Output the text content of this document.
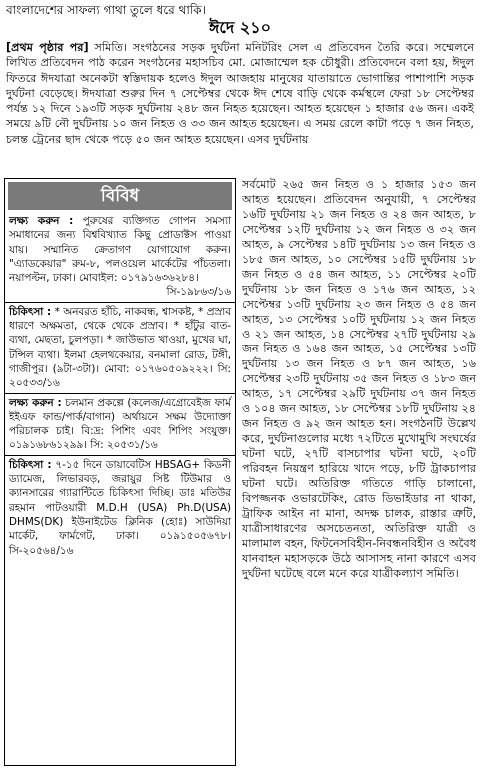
বাংলাদেশের সাফল্য গাথা তুলে ধরে থাকি।
ঈদে ২১০

[প্রথম পৃষ্ঠার পর] সমিতি। সংগঠনের সড়ক দুর্ঘটনা মনিটরিং সেল এ প্রতিবেদন তৈরি করে। সম্মেলনে লিখিত প্রতিবেদন পাঠ করেন সংগঠনের মহাসচিব মো. মোজাম্মেল হক চৌধুরী। প্রতিবেদনে বলা হয়, ঈদুল ফিতরে ঈদযাত্রা অনেকটা স্বস্তিদায়ক হলেও ঈদুল আজহায় মানুষের যাতায়াতে ভোগান্তির পাশাপাশি সড়ক দুর্ঘটনা বেড়েছে। ঈদযাত্রা শুরুর দিন ৭ সেপ্টেম্বর থেকে ঈদ শেষে বাড়ি থেকে কর্মস্থলে ফেরা ১৮ সেপ্টেম্বর পর্যন্ত ১২ দিনে ১৯৩টি সড়ক দুর্ঘটনায় ২৪৮ জন নিহত হয়েছেন। আহত হয়েছেন ১ হাজার ৫৬ জন। একই সময়ে ৯টি নৌ দুর্ঘটনায় ১০ জন নিহত ও ৩৩ জন আহত হয়েছেন। এ সময় রেলে কাটা পড়ে ৭ জন নিহত, চলন্ত ট্রেনের ছাদ থেকে পড়ে ৫০ জন আহত হয়েছেন। এসব দুর্ঘটনায়

বিবিধ
লক্ষ্য করুন : পুরুষের ব্যক্তিগত গোপন সমস্যা সমাধানের জন্য বিশ্ববিখ্যাত কিছু প্রোডাক্টস পাওয়া যায়। সম্মানিত ক্রেতাগণ যোগাযোগ করুন। "এ্যাডকেয়ার" রুম-৮, পলওয়েল মার্কেটের পাঁচতলা। নয়াপল্টন, ঢাকা। মোবাইল: ০১৭৯১৬৩৬২৮৪।
সি-১৯৮৬৩/১৬
চিকিৎসা : * অনবরত হাঁচি, নাকবন্ধ, শ্বাসকষ্ট, * প্রস্রাব ধারণে অক্ষমতা, থেকে থেকে প্রস্রাব। * হাঁটুর বাত-ব্যথা, মেছতা, চুলপড়া। * জাউভাত খাওয়া, মুখের ঘা, টন্সিল ব্যথা। ইলমা হেলথকেয়ার, বনমালা রোড, টঙ্গী, গাজীপুর। (৯টা-৩টা)। মোবা: ০১৭৬০৫০৯২২২। সি: ২০৫৩৩/১৬
লক্ষ্য করুন : চলমান প্রকল্পে (কলেজ/এগ্রোবেইজ ফার্ম ইইএফ ফান্ড/পার্ক/বাগান) অর্থায়নে সক্ষম উদ্যোক্তা পরিচালক চাই। বি:দ্র: পিশিং এবং শিপিং সংযুক্ত। ০১৯১৬৮৬১২৯৯। সি: ২০৫৩১/১৬
চিকিৎসা : ৭-১৫ দিনে ডায়াবেটিস HBSAG+ কিডনী ড্যামেজ, লিভারবড়, জরায়ুর সিষ্ট টিউমার ও ক্যানসারের গ্যারান্টিতে চিকিৎসা দিচ্ছি। ডাঃ মতিউর রহমান পাটওয়ারী M.D.H (USA) Ph.D(USA) DHMS(DK) ইউনাইটেড ক্লিনিক (হোঃ) সাউদিয়া মার্কেট, ফার্মগেট, ঢাকা। ০১৯১৫০৫৬৭৮। সি-২০৫৬৪/১৬

সর্বমোট ২৬৫ জন নিহত ও ১ হাজার ১৫৩ জন আহত হয়েছেন। প্রতিবেদন অনুযায়ী, ৭ সেপ্টেম্বর ১৬টি দুর্ঘটনায় ২১ জন নিহত ও ২৪ জন আহত, ৮ সেপ্টেম্বর ১২টি দুর্ঘটনায় ১২ জন নিহত ও ৩২ জন আহত, ৯ সেপ্টেম্বর ১৪টি দুর্ঘটনায় ১৩ জন নিহত ও ১৮৫ জন আহত, ১০ সেপ্টেম্বর ১৫টি দুর্ঘটনায় ১৮ জন নিহত ও ৫৪ জন আহত, ১১ সেপ্টেম্বর ২০টি দুর্ঘটনায় ১৮ জন নিহত ও ১৭৬ জন আহত, ১২ সেপ্টেম্বর ১৩টি দুর্ঘটনায় ২৩ জন নিহত ও ৫৪ জন আহত, ১৩ সেপ্টেম্বর ১০টি দুর্ঘটনায় ১২ জন নিহত ও ২১ জন আহত, ১৪ সেপ্টেম্বর ২৭টি দুর্ঘটনায় ২৯ জন নিহত ও ১৬৪ জন আহত, ১৫ সেপ্টেম্বর ১৩টি দুর্ঘটনায় ১৩ জন নিহত ও ৮৭ জন আহত, ১৬ সেপ্টেম্বর ২৩টি দুর্ঘটনায় ৩৫ জন নিহত ও ১৮৩ জন আহত, ১৭ সেপ্টেম্বর ২৯টি দুর্ঘটনায় ৩৭ জন নিহত ও ১০৪ জন আহত, ১৮ সেপ্টেম্বর ১৮টি দুর্ঘটনায় ২৪ জন নিহত ও ৯২ জন আহত হন। সংগঠনটি উল্লেখ করে, দুর্ঘটনাগুলোর মধ্যে ৭২টিতে মুখোমুখি সংঘর্ষের ঘটনা ঘটে, ২৭টি বাসচাপার ঘটনা ঘটে, ২০টি পরিবহন নিয়ন্ত্রণ হারিয়ে খাদে পড়ে, ৮টি ট্রাকচাপার ঘটনা ঘটে। অতিরিক্ত গতিতে গাড়ি চালানো, বিপজ্জনক ওভারটেকিং, রোড ডিভাইডার না থাকা, ট্রাফিক আইন না মানা, অদক্ষ চালক, রাস্তার ত্রুটি, যাত্রীসাধারণের অসচেতনতা, অতিরিক্ত যাত্রী ও মালামাল বহন, ফিটনেসবিহীন-নিবন্ধনবিহীন ও অবৈধ যানবাহন মহাসড়কে উঠে আসাসহ নানা কারণে এসব দুর্ঘটনা ঘটেছে বলে মনে করে যাত্রীকল্যাণ সমিতি।
